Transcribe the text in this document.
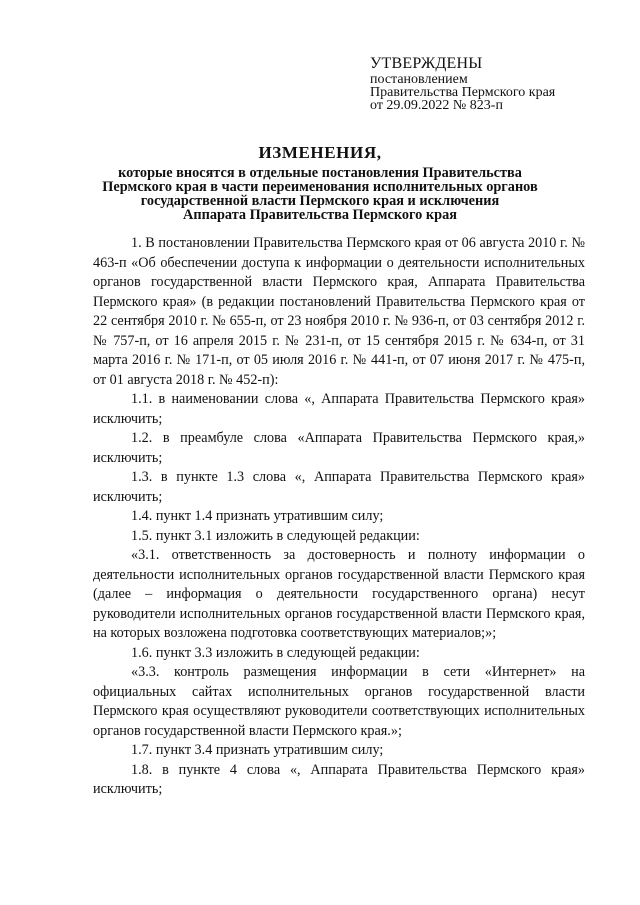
УТВЕРЖДЕНЫ
постановлением
Правительства Пермского края
от 29.09.2022 № 823-п
ИЗМЕНЕНИЯ,
которые вносятся в отдельные постановления Правительства
Пермского края в части переименования исполнительных органов
государственной власти Пермского края и исключения
Аппарата Правительства Пермского края

1. В постановлении Правительства Пермского края от 06 августа 2010 г. № 463-п «Об обеспечении доступа к информации о деятельности исполнительных органов государственной власти Пермского края, Аппарата Правительства Пермского края» (в редакции постановлений Правительства Пермского края от 22 сентября 2010 г. № 655-п, от 23 ноября 2010 г. № 936-п, от 03 сентября 2012 г. № 757-п, от 16 апреля 2015 г. № 231-п, от 15 сентября 2015 г. № 634-п, от 31 марта 2016 г. № 171-п, от 05 июля 2016 г. № 441-п, от 07 июня 2017 г. № 475-п, от 01 августа 2018 г. № 452-п):

1.1. в наименовании слова «, Аппарата Правительства Пермского края» исключить;

1.2. в преамбуле слова «Аппарата Правительства Пермского края,» исключить;

1.3. в пункте 1.3 слова «, Аппарата Правительства Пермского края» исключить;

1.4. пункт 1.4 признать утратившим силу;

1.5. пункт 3.1 изложить в следующей редакции:

«3.1. ответственность за достоверность и полноту информации о деятельности исполнительных органов государственной власти Пермского края (далее – информация о деятельности государственного органа) несут руководители исполнительных органов государственной власти Пермского края, на которых возложена подготовка соответствующих материалов;»;

1.6. пункт 3.3 изложить в следующей редакции:

«3.3. контроль размещения информации в сети «Интернет» на официальных сайтах исполнительных органов государственной власти Пермского края осуществляют руководители соответствующих исполнительных органов государственной власти Пермского края.»;

1.7. пункт 3.4 признать утратившим силу;

1.8. в пункте 4 слова «, Аппарата Правительства Пермского края» исключить;
